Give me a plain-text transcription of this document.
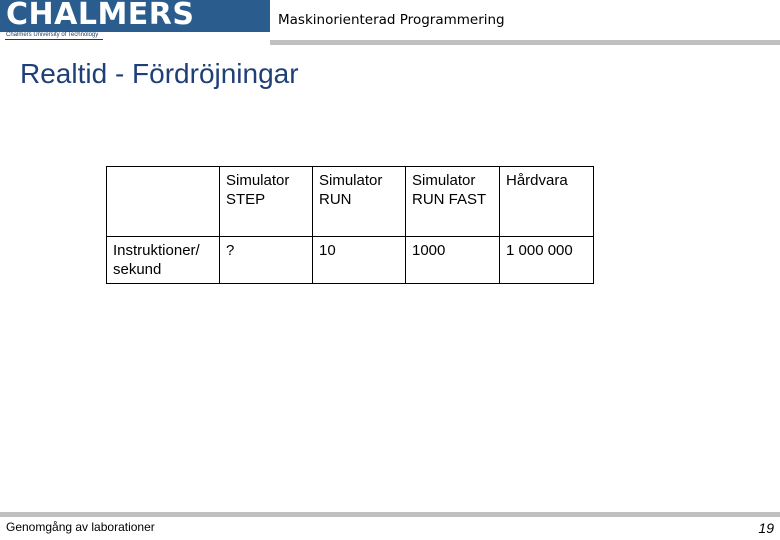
CHALMERS
Chalmers University of Technology
Maskinorienterad Programmering
Realtid - Fördröjningar
	Simulator STEP	Simulator RUN	Simulator RUN FAST	Hårdvara
Instruktioner/ sekund	?	10	1000	1 000 000
Genomgång av laborationer	19
